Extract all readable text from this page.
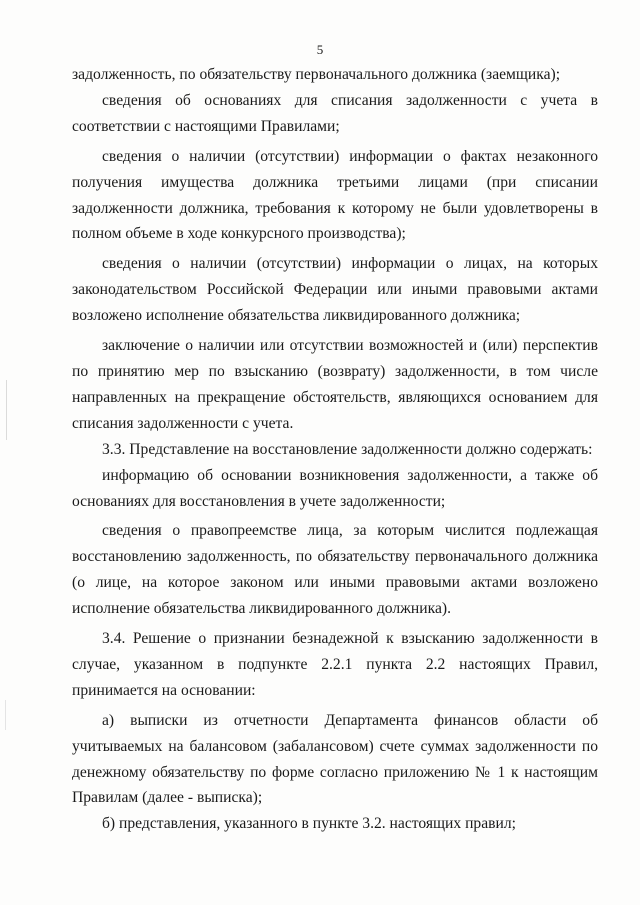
5

задолженность, по обязательству первоначального должника (заемщика);

сведения об основаниях для списания задолженности с учета в соответствии с настоящими Правилами;

сведения о наличии (отсутствии) информации о фактах незаконного получения имущества должника третьими лицами (при списании задолженности должника, требования к которому не были удовлетворены в полном объеме в ходе конкурсного производства);

сведения о наличии (отсутствии) информации о лицах, на которых законодательством Российской Федерации или иными правовыми актами возложено исполнение обязательства ликвидированного должника;

заключение о наличии или отсутствии возможностей и (или) перспектив по принятию мер по взысканию (возврату) задолженности, в том числе направленных на прекращение обстоятельств, являющихся основанием для списания задолженности с учета.

3.3. Представление на восстановление задолженности должно содержать:

информацию об основании возникновения задолженности, а также об основаниях для восстановления в учете задолженности;

сведения о правопреемстве лица, за которым числится подлежащая восстановлению задолженность, по обязательству первоначального должника (о лице, на которое законом или иными правовыми актами возложено исполнение обязательства ликвидированного должника).

3.4. Решение о признании безнадежной к взысканию задолженности в случае, указанном в подпункте 2.2.1 пункта 2.2 настоящих Правил, принимается на основании:

а) выписки из отчетности Департамента финансов области об учитываемых на балансовом (забалансовом) счете суммах задолженности по денежному обязательству по форме согласно приложению № 1 к настоящим Правилам (далее - выписка);

б) представления, указанного в пункте 3.2. настоящих правил;
